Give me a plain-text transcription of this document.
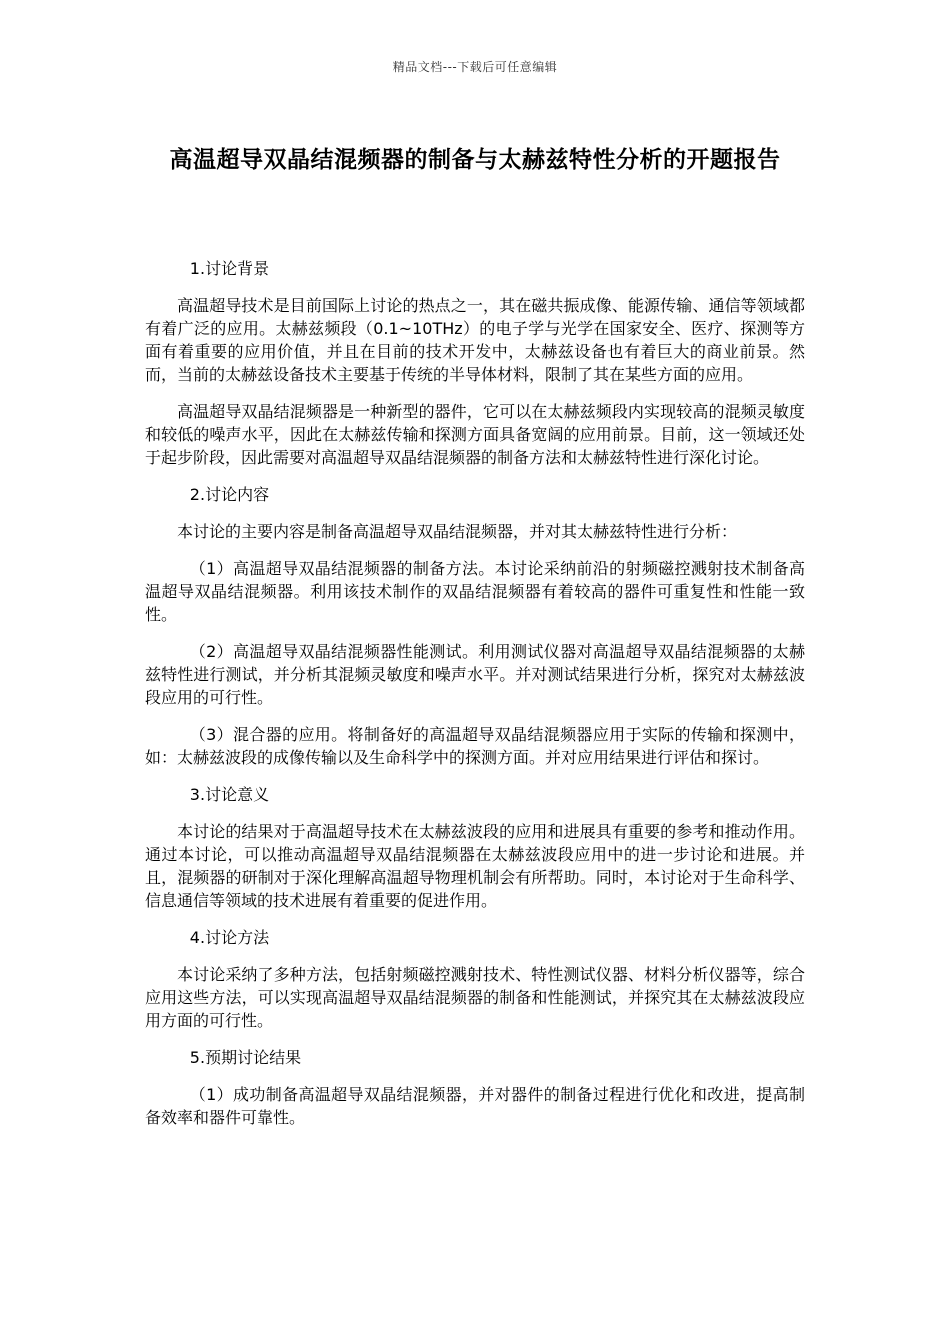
精品文档---下载后可任意编辑
高温超导双晶结混频器的制备与太赫兹特性分析的开题报告

1.讨论背景

高温超导技术是目前国际上讨论的热点之一，其在磁共振成像、能源传输、通信等领域都有着广泛的应用。太赫兹频段（0.1~10THz）的电子学与光学在国家安全、医疗、探测等方面有着重要的应用价值，并且在目前的技术开发中，太赫兹设备也有着巨大的商业前景。然而，当前的太赫兹设备技术主要基于传统的半导体材料，限制了其在某些方面的应用。

高温超导双晶结混频器是一种新型的器件，它可以在太赫兹频段内实现较高的混频灵敏度和较低的噪声水平，因此在太赫兹传输和探测方面具备宽阔的应用前景。目前，这一领域还处于起步阶段，因此需要对高温超导双晶结混频器的制备方法和太赫兹特性进行深化讨论。

2.讨论内容

本讨论的主要内容是制备高温超导双晶结混频器，并对其太赫兹特性进行分析：

（1）高温超导双晶结混频器的制备方法。本讨论采纳前沿的射频磁控溅射技术制备高温超导双晶结混频器。利用该技术制作的双晶结混频器有着较高的器件可重复性和性能一致性。

（2）高温超导双晶结混频器性能测试。利用测试仪器对高温超导双晶结混频器的太赫兹特性进行测试，并分析其混频灵敏度和噪声水平。并对测试结果进行分析，探究对太赫兹波段应用的可行性。

（3）混合器的应用。将制备好的高温超导双晶结混频器应用于实际的传输和探测中，如：太赫兹波段的成像传输以及生命科学中的探测方面。并对应用结果进行评估和探讨。

3.讨论意义

本讨论的结果对于高温超导技术在太赫兹波段的应用和进展具有重要的参考和推动作用。通过本讨论，可以推动高温超导双晶结混频器在太赫兹波段应用中的进一步讨论和进展。并且，混频器的研制对于深化理解高温超导物理机制会有所帮助。同时，本讨论对于生命科学、信息通信等领域的技术进展有着重要的促进作用。

4.讨论方法

本讨论采纳了多种方法，包括射频磁控溅射技术、特性测试仪器、材料分析仪器等，综合应用这些方法，可以实现高温超导双晶结混频器的制备和性能测试，并探究其在太赫兹波段应用方面的可行性。

5.预期讨论结果

（1）成功制备高温超导双晶结混频器，并对器件的制备过程进行优化和改进，提高制备效率和器件可靠性。
